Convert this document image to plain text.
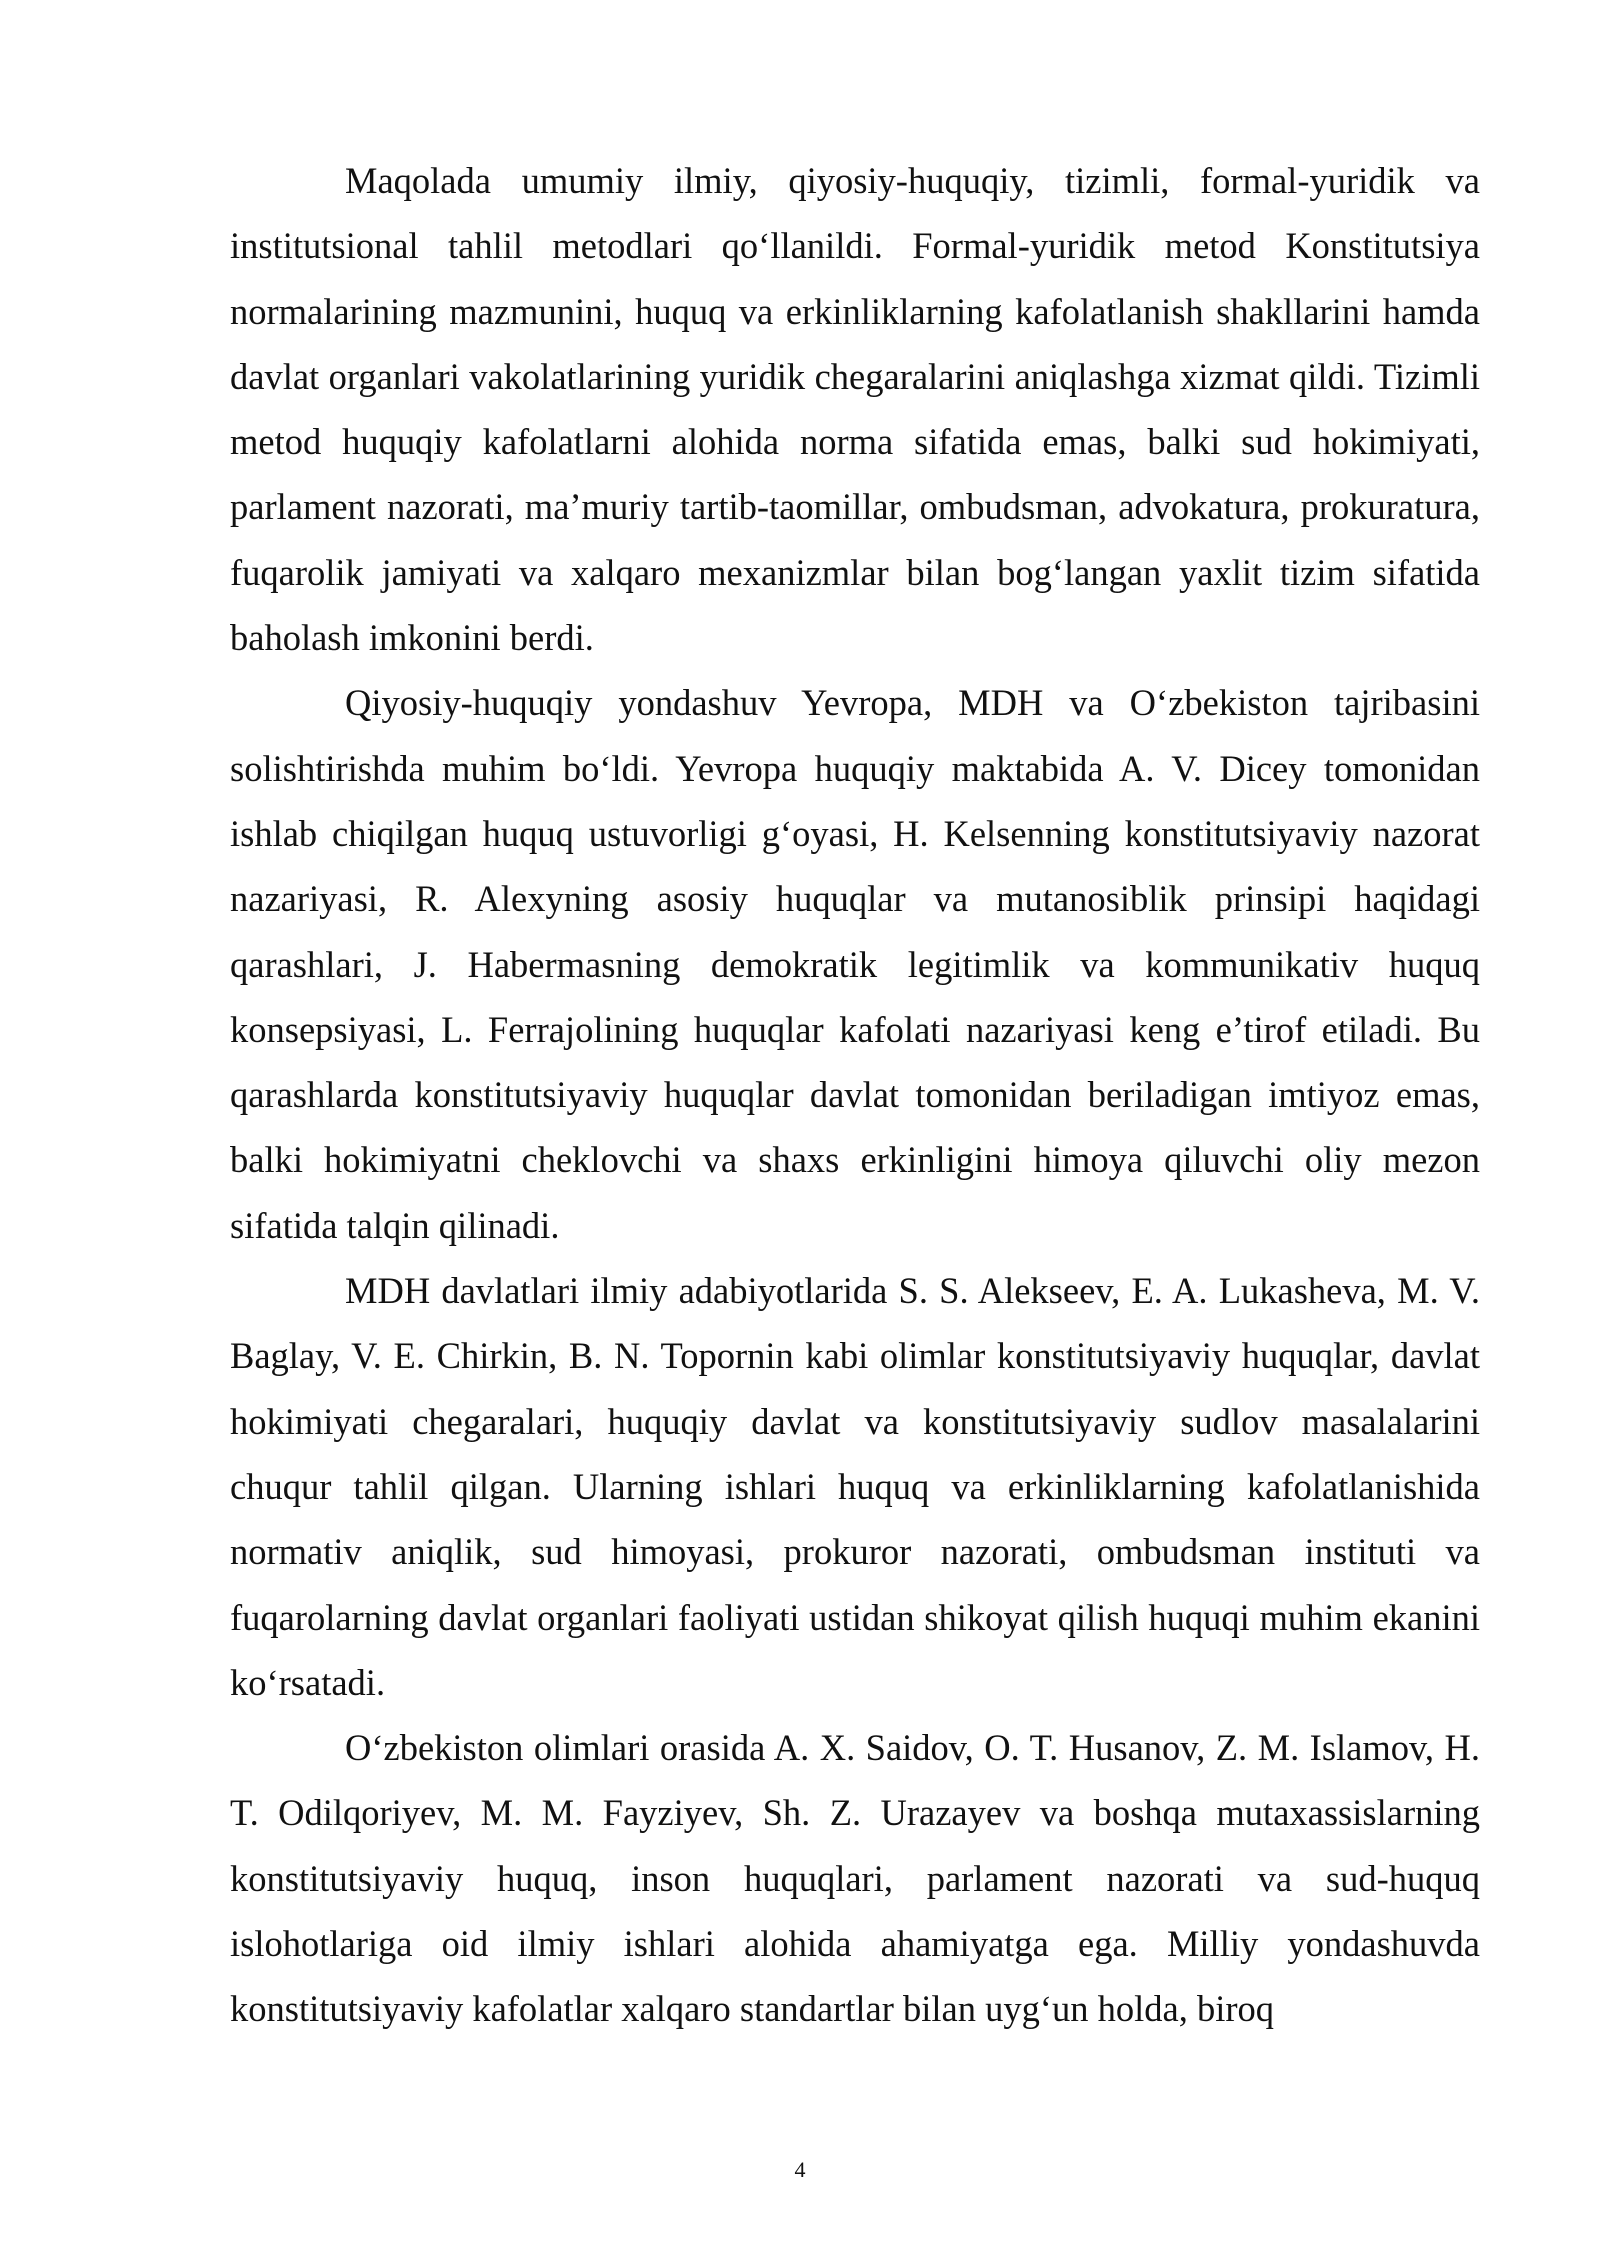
Maqolada umumiy ilmiy, qiyosiy-huquqiy, tizimli, formal-yuridik va institutsional tahlil metodlari qo‘llanildi. Formal-yuridik metod Konstitutsiya normalarining mazmunini, huquq va erkinliklarning kafolatlanish shakllarini hamda davlat organlari vakolatlarining yuridik chegaralarini aniqlashga xizmat qildi. Tizimli metod huquqiy kafolatlarni alohida norma sifatida emas, balki sud hokimiyati, parlament nazorati, ma’muriy tartib-taomillar, ombudsman, advokatura, prokuratura, fuqarolik jamiyati va xalqaro mexanizmlar bilan bog‘langan yaxlit tizim sifatida baholash imkonini berdi.

Qiyosiy-huquqiy yondashuv Yevropa, MDH va O‘zbekiston tajribasini solishtirishda muhim bo‘ldi. Yevropa huquqiy maktabida A. V. Dicey tomonidan ishlab chiqilgan huquq ustuvorligi g‘oyasi, H. Kelsenning konstitutsiyaviy nazorat nazariyasi, R. Alexyning asosiy huquqlar va mutanosiblik prinsipi haqidagi qarashlari, J. Habermasning demokratik legitimlik va kommunikativ huquq konsepsiyasi, L. Ferrajolining huquqlar kafolati nazariyasi keng e’tirof etiladi. Bu qarashlarda konstitutsiyaviy huquqlar davlat tomonidan beriladigan imtiyoz emas, balki hokimiyatni cheklovchi va shaxs erkinligini himoya qiluvchi oliy mezon sifatida talqin qilinadi.

MDH davlatlari ilmiy adabiyotlarida S. S. Alekseev, E. A. Lukasheva, M. V. Baglay, V. E. Chirkin, B. N. Topornin kabi olimlar konstitutsiyaviy huquqlar, davlat hokimiyati chegaralari, huquqiy davlat va konstitutsiyaviy sudlov masalalarini chuqur tahlil qilgan. Ularning ishlari huquq va erkinliklarning kafolatlanishida normativ aniqlik, sud himoyasi, prokuror nazorati, ombudsman instituti va fuqarolarning davlat organlari faoliyati ustidan shikoyat qilish huquqi muhim ekanini ko‘rsatadi.

O‘zbekiston olimlari orasida A. X. Saidov, O. T. Husanov, Z. M. Islamov, H. T. Odilqoriyev, M. M. Fayziyev, Sh. Z. Urazayev va boshqa mutaxassislarning konstitutsiyaviy huquq, inson huquqlari, parlament nazorati va sud-huquq islohotlariga oid ilmiy ishlari alohida ahamiyatga ega. Milliy yondashuvda konstitutsiyaviy kafolatlar xalqaro standartlar bilan uyg‘un holda, biroq

4
